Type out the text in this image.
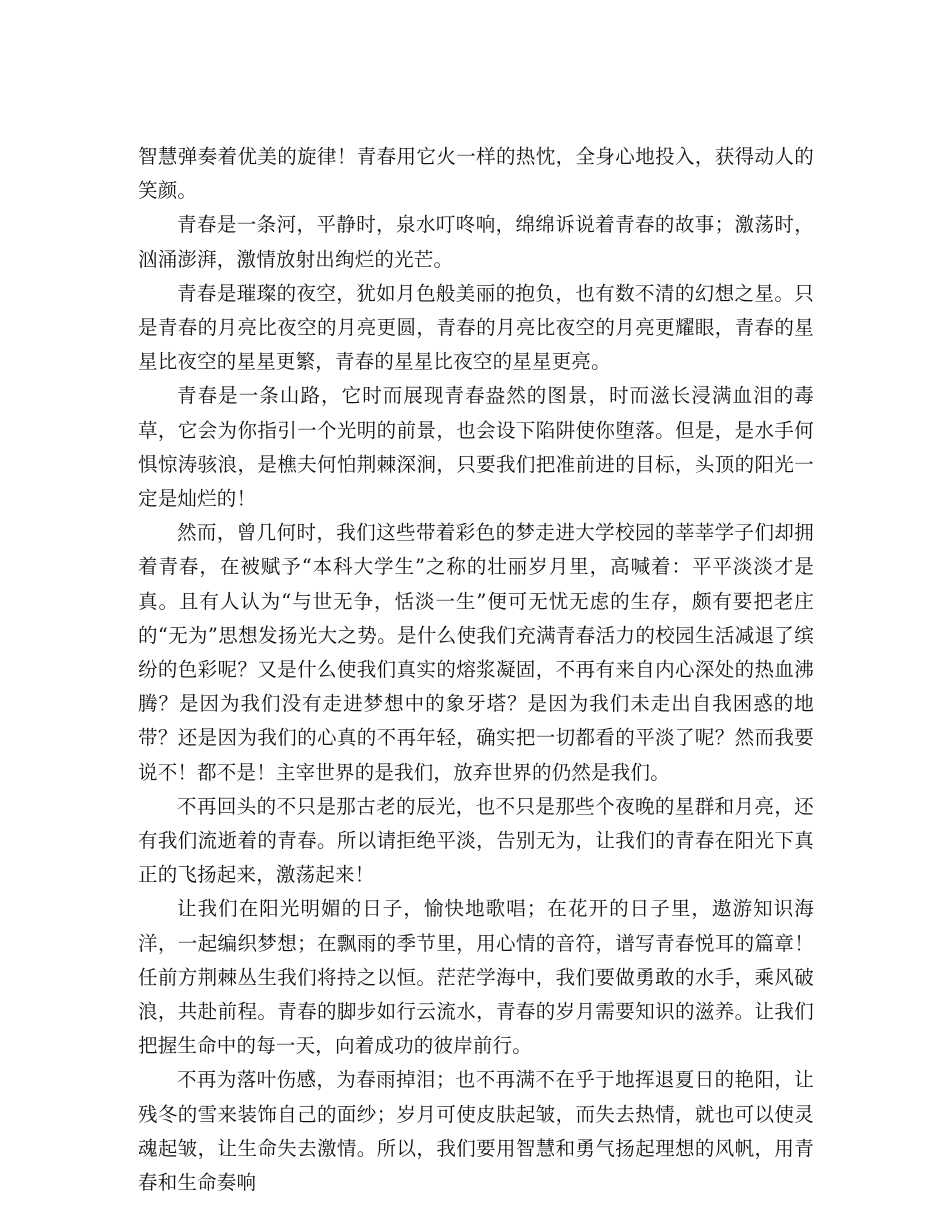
智慧弹奏着优美的旋律！青春用它火一样的热忱，全身心地投入，获得动人的笑颜。

青春是一条河，平静时，泉水叮咚响，绵绵诉说着青春的故事；激荡时，汹涌澎湃，激情放射出绚烂的光芒。

青春是璀璨的夜空，犹如月色般美丽的抱负，也有数不清的幻想之星。只是青春的月亮比夜空的月亮更圆，青春的月亮比夜空的月亮更耀眼，青春的星星比夜空的星星更繁，青春的星星比夜空的星星更亮。

青春是一条山路，它时而展现青春盎然的图景，时而滋长浸满血泪的毒草，它会为你指引一个光明的前景，也会设下陷阱使你堕落。但是，是水手何惧惊涛骇浪，是樵夫何怕荆棘深涧，只要我们把准前进的目标，头顶的阳光一定是灿烂的！

然而，曾几何时，我们这些带着彩色的梦走进大学校园的莘莘学子们却拥着青春，在被赋予“本科大学生”之称的壮丽岁月里，高喊着：平平淡淡才是真。且有人认为“与世无争，恬淡一生”便可无忧无虑的生存，颇有要把老庄的“无为”思想发扬光大之势。是什么使我们充满青春活力的校园生活减退了缤纷的色彩呢？又是什么使我们真实的熔浆凝固，不再有来自内心深处的热血沸腾？是因为我们没有走进梦想中的象牙塔？是因为我们未走出自我困惑的地带？还是因为我们的心真的不再年轻，确实把一切都看的平淡了呢？然而我要说不！都不是！主宰世界的是我们，放弃世界的仍然是我们。

不再回头的不只是那古老的辰光，也不只是那些个夜晚的星群和月亮，还有我们流逝着的青春。所以请拒绝平淡，告别无为，让我们的青春在阳光下真正的飞扬起来，激荡起来！

让我们在阳光明媚的日子，愉快地歌唱；在花开的日子里，遨游知识海洋，一起编织梦想；在飘雨的季节里，用心情的音符，谱写青春悦耳的篇章！任前方荆棘丛生我们将持之以恒。茫茫学海中，我们要做勇敢的水手，乘风破浪，共赴前程。青春的脚步如行云流水，青春的岁月需要知识的滋养。让我们把握生命中的每一天，向着成功的彼岸前行。

不再为落叶伤感，为春雨掉泪；也不再满不在乎于地挥退夏日的艳阳，让残冬的雪来装饰自己的面纱；岁月可使皮肤起皱，而失去热情，就也可以使灵魂起皱，让生命失去激情。所以，我们要用智慧和勇气扬起理想的风帆，用青春和生命奏响
